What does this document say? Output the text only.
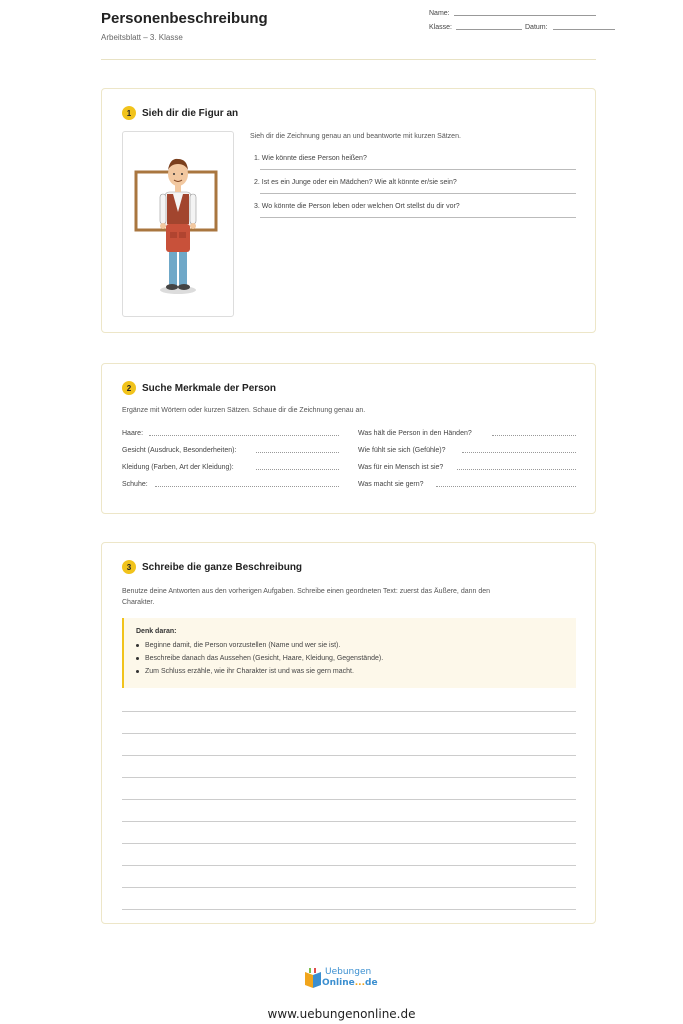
Personenbeschreibung
Arbeitsblatt – 3. Klasse
Name:
Klasse:	Datum:
1	Sieh dir die Figur an
Sieh dir die Zeichnung genau an und beantworte mit kurzen Sätzen.
1. Wie könnte diese Person heißen?
2. Ist es ein Junge oder ein Mädchen? Wie alt könnte er/sie sein?
3. Wo könnte die Person leben oder welchen Ort stellst du dir vor?
2	Suche Merkmale der Person
Ergänze mit Wörtern oder kurzen Sätzen. Schaue dir die Zeichnung genau an.
Haare:
Gesicht (Ausdruck, Besonderheiten):
Kleidung (Farben, Art der Kleidung):
Schuhe:
Was hält die Person in den Händen?
Wie fühlt sie sich (Gefühle)?
Was für ein Mensch ist sie?
Was macht sie gern?
3	Schreibe die ganze Beschreibung
Benutze deine Antworten aus den vorherigen Aufgaben. Schreibe einen geordneten Text: zuerst das Äußere, dann den
Charakter.
Denk daran:
Beginne damit, die Person vorzustellen (Name und wer sie ist).
Beschreibe danach das Aussehen (Gesicht, Haare, Kleidung, Gegenstände).
Zum Schluss erzähle, wie ihr Charakter ist und was sie gern macht.
Uebungen
Online...de
www.uebungenonline.de
